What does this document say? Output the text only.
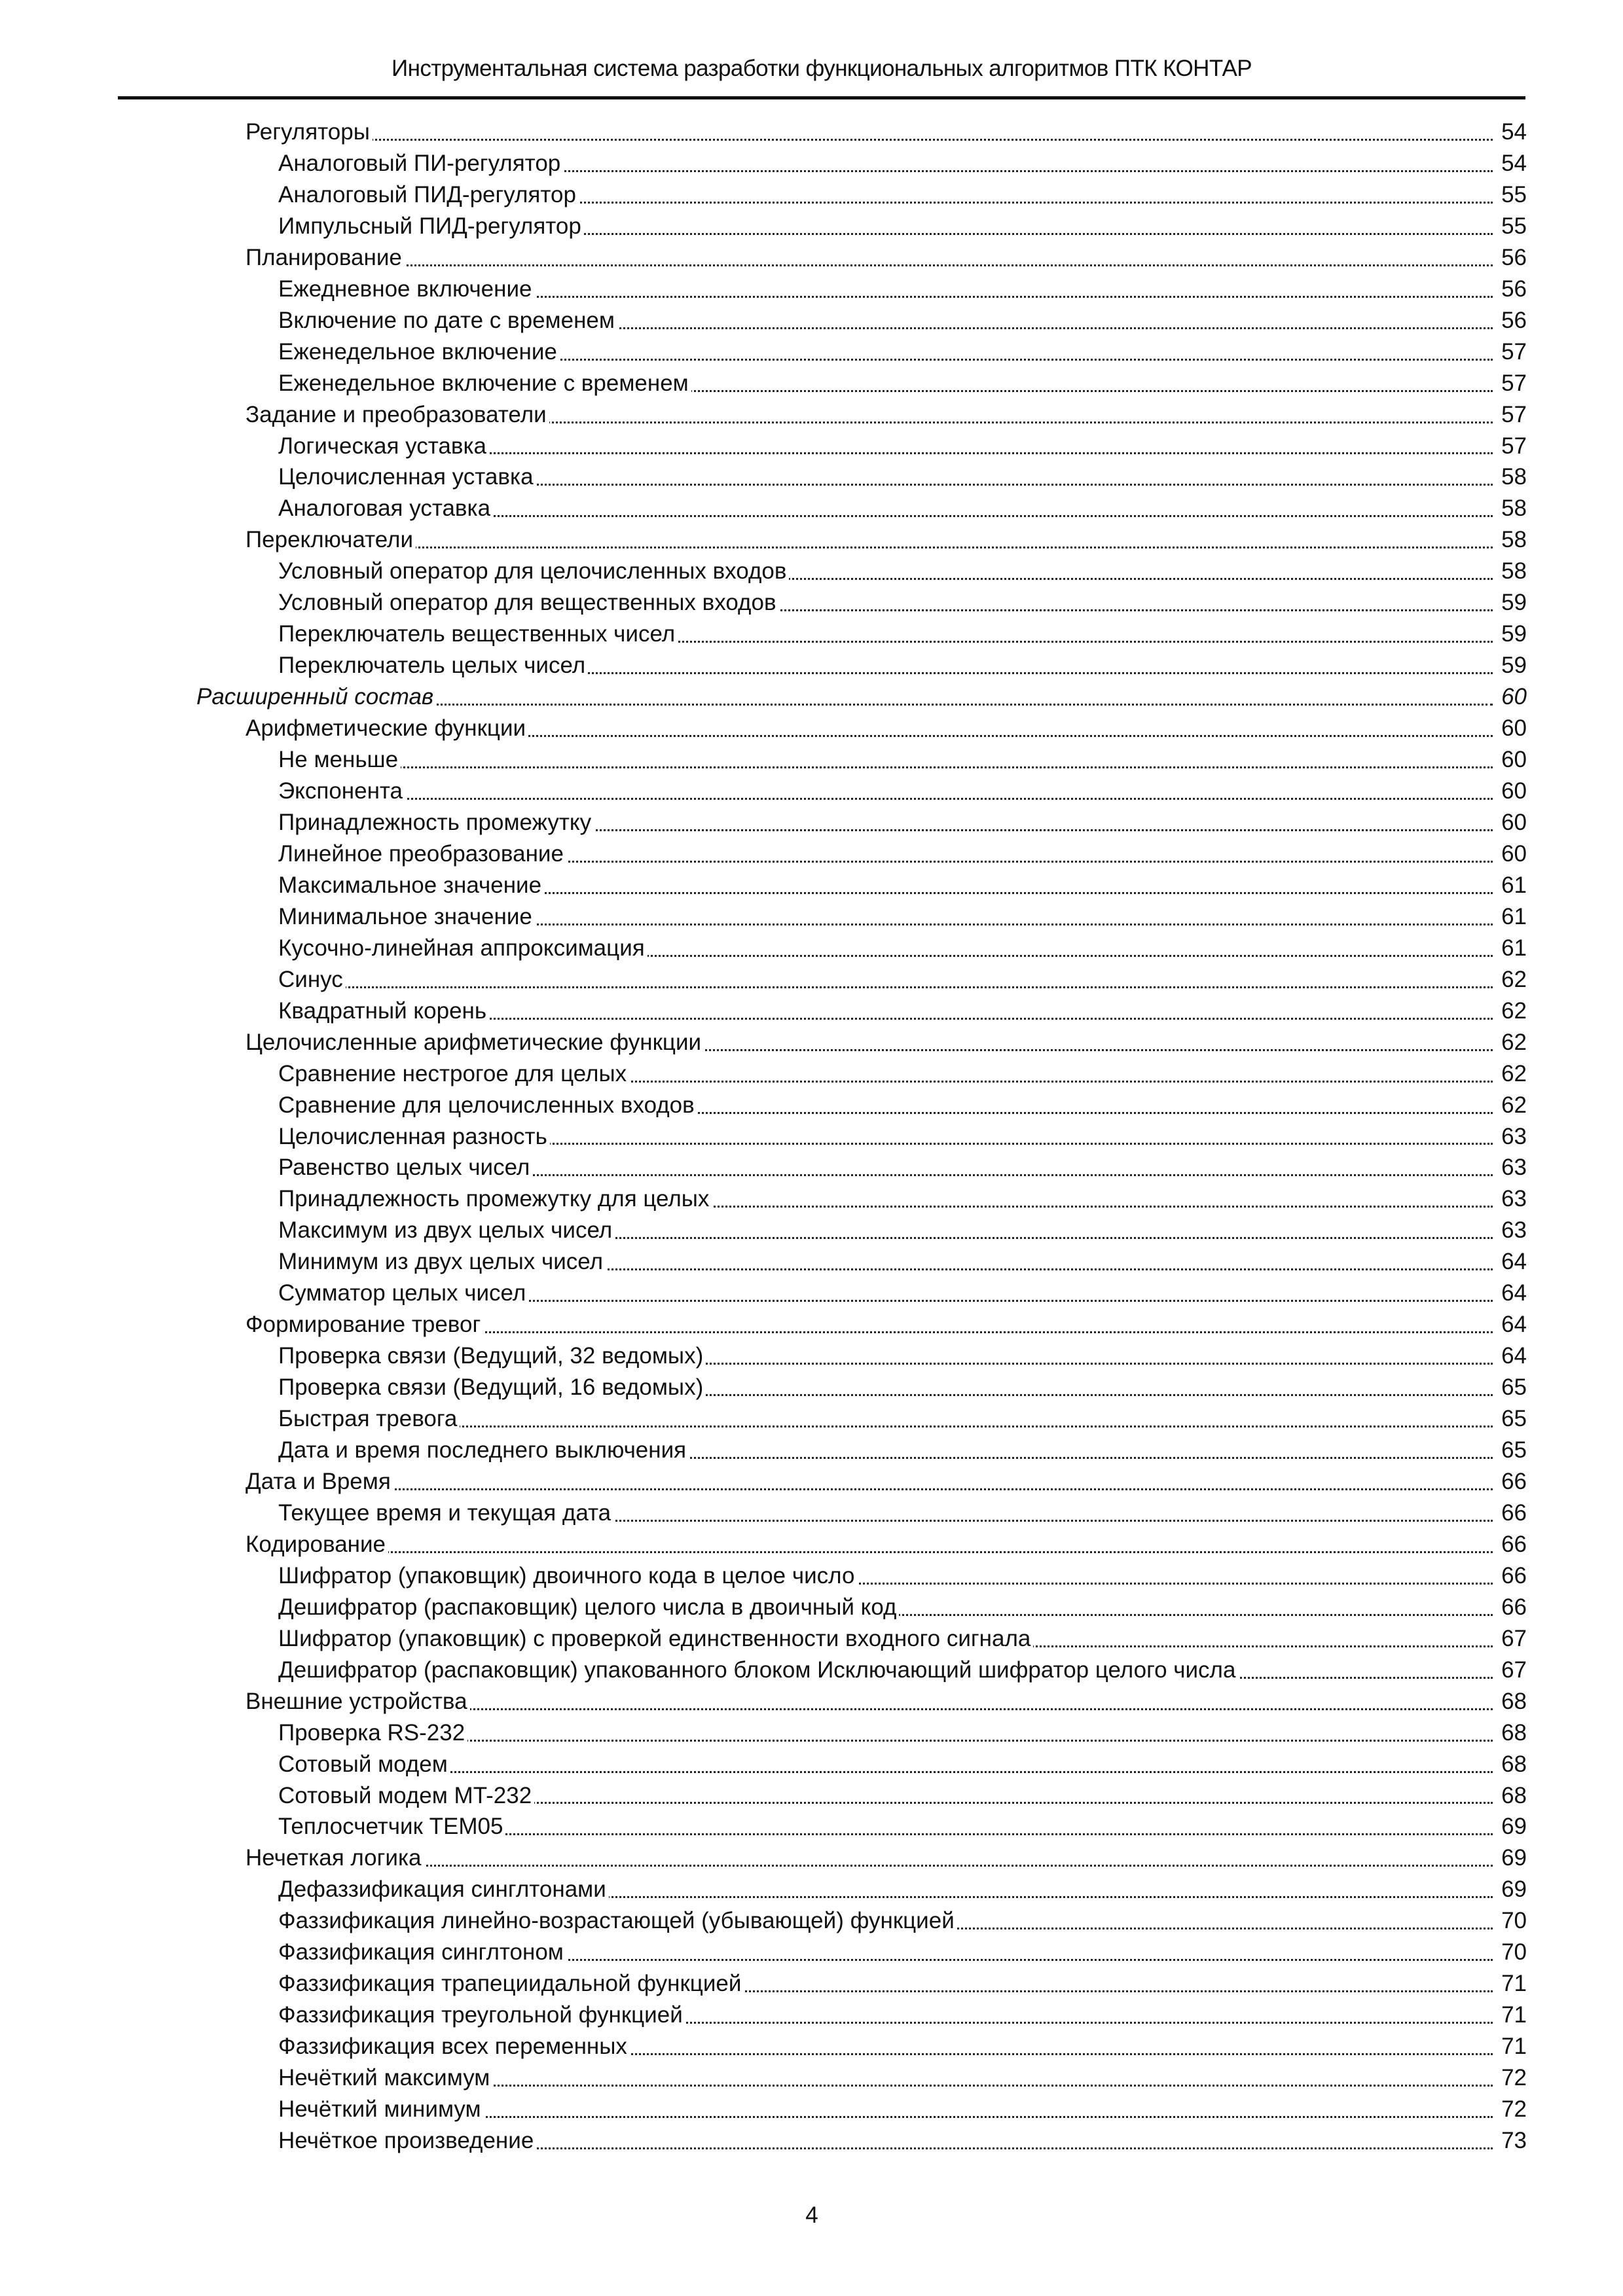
Инструментальная система разработки функциональных алгоритмов ПТК КОНТАР
Регуляторы	54
Аналоговый ПИ-регулятор	54
Аналоговый ПИД-регулятор	55
Импульсный ПИД-регулятор	55
Планирование	56
Ежедневное включение	56
Включение по дате с временем	56
Еженедельное включение	57
Еженедельное включение с временем	57
Задание и преобразователи	57
Логическая уставка	57
Целочисленная уставка	58
Аналоговая уставка	58
Переключатели	58
Условный оператор для целочисленных входов	58
Условный оператор для вещественных входов	59
Переключатель вещественных чисел	59
Переключатель целых чисел	59
Расширенный состав	60
Арифметические функции	60
Не меньше	60
Экспонента	60
Принадлежность промежутку	60
Линейное преобразование	60
Максимальное значение	61
Минимальное значение	61
Кусочно-линейная аппроксимация	61
Синус	62
Квадратный корень	62
Целочисленные арифметические функции	62
Сравнение нестрогое для целых	62
Сравнение для целочисленных входов	62
Целочисленная разность	63
Равенство целых чисел	63
Принадлежность промежутку для целых	63
Максимум из двух целых чисел	63
Минимум из двух целых чисел	64
Сумматор целых чисел	64
Формирование тревог	64
Проверка связи (Ведущий, 32 ведомых)	64
Проверка связи (Ведущий, 16 ведомых)	65
Быстрая тревога	65
Дата и время последнего выключения	65
Дата и Время	66
Текущее время и текущая дата	66
Кодирование	66
Шифратор (упаковщик) двоичного кода в целое число	66
Дешифратор (распаковщик) целого числа в двоичный код	66
Шифратор (упаковщик) с проверкой единственности входного сигнала	67
Дешифратор (распаковщик) упакованного блоком Исключающий шифратор целого числа	67
Внешние устройства	68
Проверка RS-232	68
Сотовый модем	68
Сотовый модем MT-232	68
Теплосчетчик ТЕМ05	69
Нечеткая логика	69
Дефаззификация синглтонами	69
Фаззификация линейно-возрастающей (убывающей) функцией	70
Фаззификация синглтоном	70
Фаззификация трапециидальной функцией	71
Фаззификация треугольной функцией	71
Фаззификация всех переменных	71
Нечёткий максимум	72
Нечёткий минимум	72
Нечёткое произведение	73
4
